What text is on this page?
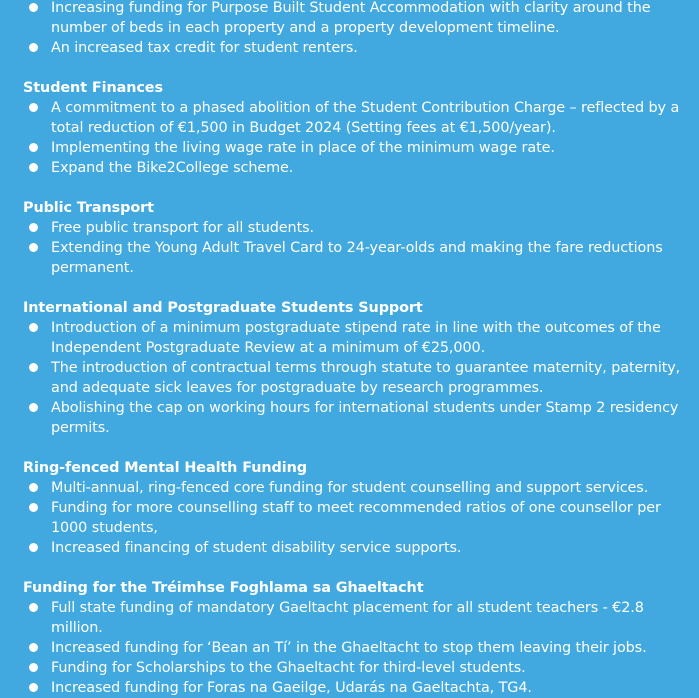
Increasing funding for Purpose Built Student Accommodation with clarity around the number of beds in each property and a property development timeline.
An increased tax credit for student renters.
Student Finances
A commitment to a phased abolition of the Student Contribution Charge – reflected by a total reduction of €1,500 in Budget 2024 (Setting fees at €1,500/year).
Implementing the living wage rate in place of the minimum wage rate.
Expand the Bike2College scheme.
Public Transport
Free public transport for all students.
Extending the Young Adult Travel Card to 24-year-olds and making the fare reductions permanent.
International and Postgraduate Students Support
Introduction of a minimum postgraduate stipend rate in line with the outcomes of the Independent Postgraduate Review at a minimum of €25,000.
The introduction of contractual terms through statute to guarantee maternity, paternity, and adequate sick leaves for postgraduate by research programmes.
Abolishing the cap on working hours for international students under Stamp 2 residency permits.
Ring-fenced Mental Health Funding
Multi-annual, ring-fenced core funding for student counselling and support services.
Funding for more counselling staff to meet recommended ratios of one counsellor per 1000 students,
Increased financing of student disability service supports.
Funding for the Tréimhse Foghlama sa Ghaeltacht
Full state funding of mandatory Gaeltacht placement for all student teachers - €2.8 million.
Increased funding for ‘Bean an Tí’ in the Ghaeltacht to stop them leaving their jobs.
Funding for Scholarships to the Ghaeltacht for third-level students.
Increased funding for Foras na Gaeilge, Udarás na Gaeltachta, TG4.
